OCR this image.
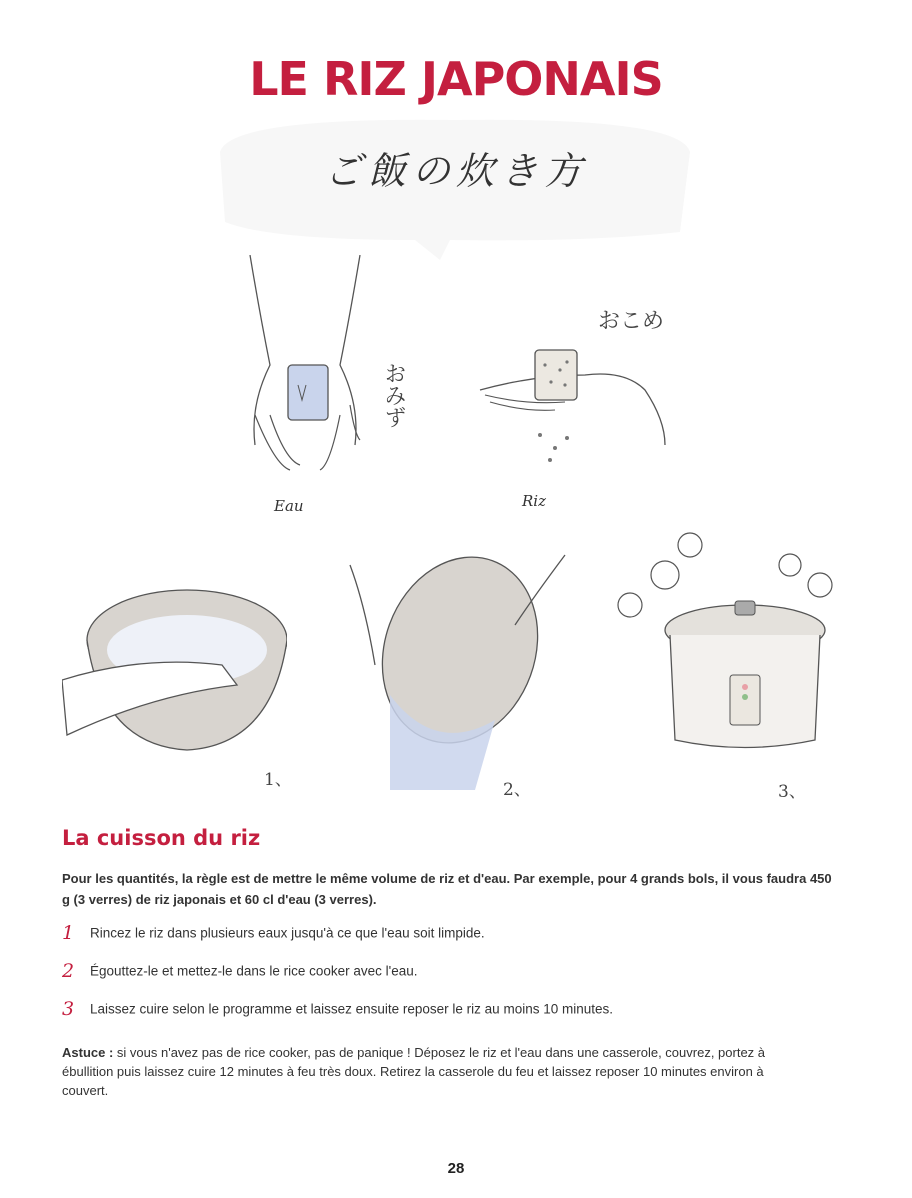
LE RIZ JAPONAIS
ご飯の炊き方
おみず
Eau
おこめ
Riz
1、	2、	3、
La cuisson du riz

Pour les quantités, la règle est de mettre le même volume de riz et d'eau. Par exemple, pour 4 grands bols, il vous faudra 450 g (3 verres) de riz japonais et 60 cl d'eau (3 verres).

1 Rincez le riz dans plusieurs eaux jusqu'à ce que l'eau soit limpide.
2 Égouttez-le et mettez-le dans le rice cooker avec l'eau.
3 Laissez cuire selon le programme et laissez ensuite reposer le riz au moins 10 minutes.

Astuce : si vous n'avez pas de rice cooker, pas de panique ! Déposez le riz et l'eau dans une casserole, couvrez, portez à ébullition puis laissez cuire 12 minutes à feu très doux. Retirez la casserole du feu et laissez reposer 10 minutes environ à couvert.

28
